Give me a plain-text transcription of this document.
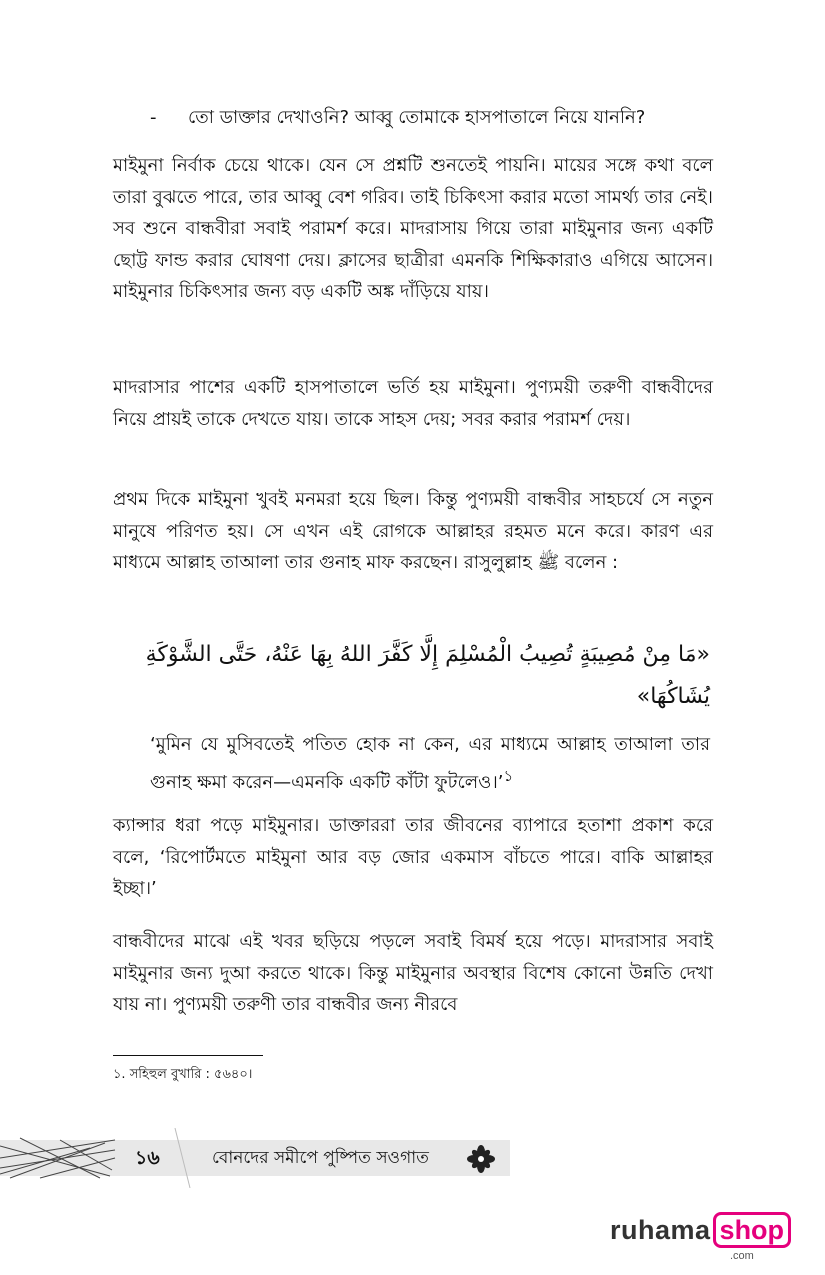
- তো ডাক্তার দেখাওনি? আব্বু তোমাকে হাসপাতালে নিয়ে যাননি?

মাইমুনা নির্বাক চেয়ে থাকে। যেন সে প্রশ্নটি শুনতেই পায়নি। মায়ের সঙ্গে কথা বলে তারা বুঝতে পারে, তার আব্বু বেশ গরিব। তাই চিকিৎসা করার মতো সামর্থ্য তার নেই। সব শুনে বান্ধবীরা সবাই পরামর্শ করে। মাদরাসায় গিয়ে তারা মাইমুনার জন্য একটি ছোট্ট ফান্ড করার ঘোষণা দেয়। ক্লাসের ছাত্রীরা এমনকি শিক্ষিকারাও এগিয়ে আসেন। মাইমুনার চিকিৎসার জন্য বড় একটি অঙ্ক দাঁড়িয়ে যায়।

মাদরাসার পাশের একটি হাসপাতালে ভর্তি হয় মাইমুনা। পুণ্যময়ী তরুণী বান্ধবীদের নিয়ে প্রায়ই তাকে দেখতে যায়। তাকে সাহস দেয়; সবর করার পরামর্শ দেয়।

প্রথম দিকে মাইমুনা খুবই মনমরা হয়ে ছিল। কিন্তু পুণ্যময়ী বান্ধবীর সাহচর্যে সে নতুন মানুষে পরিণত হয়। সে এখন এই রোগকে আল্লাহর রহমত মনে করে। কারণ এর মাধ্যমে আল্লাহ তাআলা তার গুনাহ মাফ করছেন। রাসুলুল্লাহ ﷺ বলেন :

«مَا مِنْ مُصِيبَةٍ تُصِيبُ الْمُسْلِمَ إِلَّا كَفَّرَ اللهُ بِهَا عَنْهُ، حَتَّى الشَّوْكَةِ يُشَاكُهَا»

‘মুমিন যে মুসিবতেই পতিত হোক না কেন, এর মাধ্যমে আল্লাহ তাআলা তার গুনাহ ক্ষমা করেন—এমনকি একটি কাঁটা ফুটলেও।’$^১$

ক্যান্সার ধরা পড়ে মাইমুনার। ডাক্তাররা তার জীবনের ব্যাপারে হতাশা প্রকাশ করে বলে, ‘রিপোর্টমতে মাইমুনা আর বড় জোর একমাস বাঁচতে পারে। বাকি আল্লাহর ইচ্ছা।’

বান্ধবীদের মাঝে এই খবর ছড়িয়ে পড়লে সবাই বিমর্ষ হয়ে পড়ে। মাদরাসার সবাই মাইমুনার জন্য দুআ করতে থাকে। কিন্তু মাইমুনার অবস্থার বিশেষ কোনো উন্নতি দেখা যায় না। পুণ্যময়ী তরুণী তার বান্ধবীর জন্য নীরবে

১. সহিহুল বুখারি : ৫৬৪০।
১৬	বোনদের সমীপে পুষ্পিত সওগাত
ruhama shop
.com
